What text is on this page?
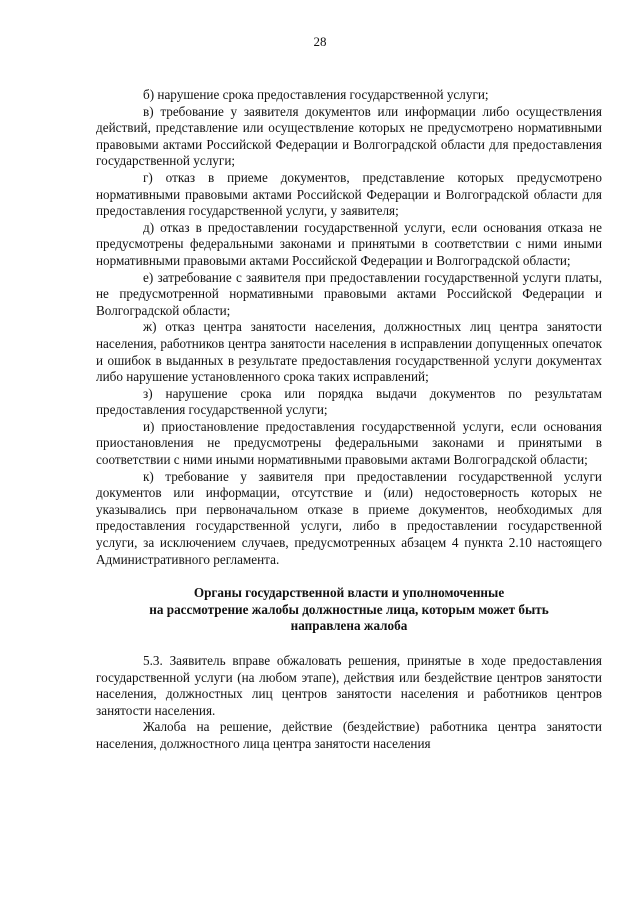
28

б) нарушение срока предоставления государственной услуги;

в) требование у заявителя документов или информации либо осуществления действий, представление или осуществление которых не предусмотрено нормативными правовыми актами Российской Федерации и Волгоградской области для предоставления государственной услуги;

г) отказ в приеме документов, представление которых предусмотрено нормативными правовыми актами Российской Федерации и Волгоградской области для предоставления государственной услуги, у заявителя;

д) отказ в предоставлении государственной услуги, если основания отказа не предусмотрены федеральными законами и принятыми в соответствии с ними иными нормативными правовыми актами Российской Федерации и Волгоградской области;

е) затребование с заявителя при предоставлении государственной услуги платы, не предусмотренной нормативными правовыми актами Российской Федерации и Волгоградской области;

ж) отказ центра занятости населения, должностных лиц центра занятости населения, работников центра занятости населения в исправлении допущенных опечаток и ошибок в выданных в результате предоставления государственной услуги документах либо нарушение установленного срока таких исправлений;

з) нарушение срока или порядка выдачи документов по результатам предоставления государственной услуги;

и) приостановление предоставления государственной услуги, если основания приостановления не предусмотрены федеральными законами и принятыми в соответствии с ними иными нормативными правовыми актами Волгоградской области;

к) требование у заявителя при предоставлении государственной услуги документов или информации, отсутствие и (или) недостоверность которых не указывались при первоначальном отказе в приеме документов, необходимых для предоставления государственной услуги, либо в предоставлении государственной услуги, за исключением случаев, предусмотренных абзацем 4 пункта 2.10 настоящего Административного регламента.

Органы государственной власти и уполномоченные
на рассмотрение жалобы должностные лица, которым может быть
направлена жалоба

5.3. Заявитель вправе обжаловать решения, принятые в ходе предоставления государственной услуги (на любом этапе), действия или бездействие центров занятости населения, должностных лиц центров занятости населения и работников центров занятости населения.

Жалоба на решение, действие (бездействие) работника центра занятости населения, должностного лица центра занятости населения
